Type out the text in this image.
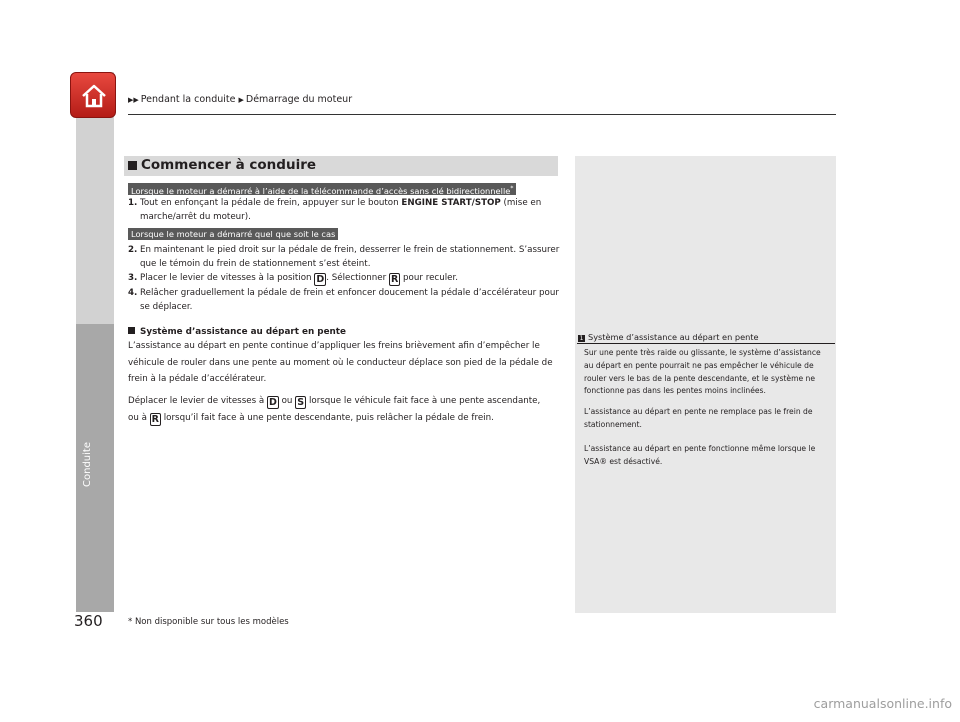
Conduite
▶▶ Pendant la conduite ▶ Démarrage du moteur
Commencer à conduire
Lorsque le moteur a démarré à l’aide de la télécommande d’accès sans clé bidirectionnelle*
1. Tout en enfonçant la pédale de frein, appuyer sur le bouton ENGINE START/STOP (mise en marche/arrêt du moteur).
Lorsque le moteur a démarré quel que soit le cas
2. En maintenant le pied droit sur la pédale de frein, desserrer le frein de stationnement. S’assurer que le témoin du frein de stationnement s’est éteint.
3. Placer le levier de vitesses à la position D . Sélectionner R pour reculer.
4. Relâcher graduellement la pédale de frein et enfoncer doucement la pédale d’accélérateur pour se déplacer.
Système d’assistance au départ en pente
L’assistance au départ en pente continue d’appliquer les freins brièvement afin d’empêcher le véhicule de rouler dans une pente au moment où le conducteur déplace son pied de la pédale de frein à la pédale d’accélérateur.
Déplacer le levier de vitesses à D ou S lorsque le véhicule fait face à une pente ascendante,
ou à R lorsqu’il fait face à une pente descendante, puis relâcher la pédale de frein.
1 Système d’assistance au départ en pente
Sur une pente très raide ou glissante, le système d’assistance au départ en pente pourrait ne pas empêcher le véhicule de rouler vers le bas de la pente descendante, et le système ne fonctionne pas dans les pentes moins inclinées.
L’assistance au départ en pente ne remplace pas le frein de stationnement.
L’assistance au départ en pente fonctionne même lorsque le VSA® est désactivé.
360	* Non disponible sur tous les modèles
carmanualsonline.info
